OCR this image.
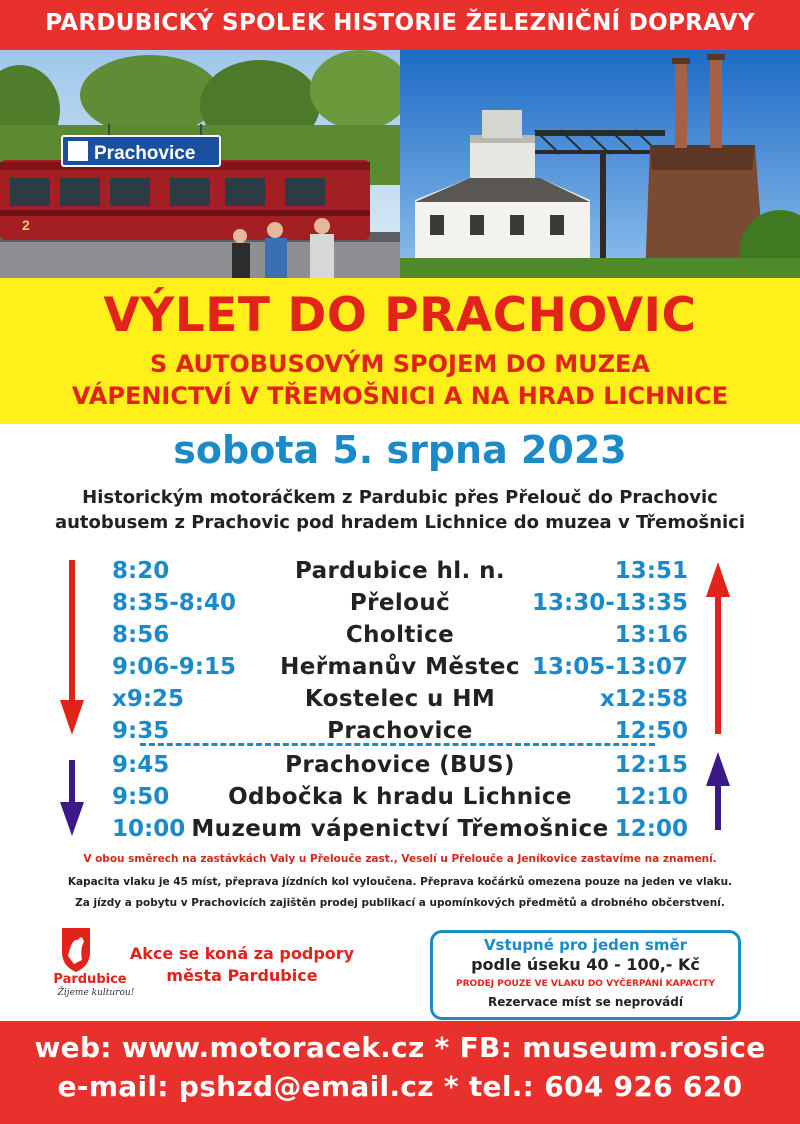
PARDUBICKÝ SPOLEK HISTORIE ŽELEZNIČNÍ DOPRAVY
2
Prachovice
VÝLET DO PRACHOVIC
S AUTOBUSOVÝM SPOJEM DO MUZEA
VÁPENICTVÍ V TŘEMOŠNICI A NA HRAD LICHNICE
sobota 5. srpna 2023
Historickým motoráčkem z Pardubic přes Přelouč do Prachovic
autobusem z Prachovic pod hradem Lichnice do muzea v Třemošnici
8:20	Pardubice hl. n.	13:51
8:35-8:40	Přelouč	13:30-13:35
8:56	Choltice	13:16
9:06-9:15	Heřmanův Městec 13:05-13:07
x9:25	Kostelec u HM	x12:58
9:35	Prachovice	12:50
9:45	Prachovice (BUS)	12:15
9:50	Odbočka k hradu Lichnice	12:10
10:00 Muzeum vápenictví Třemošnice 12:00
V obou směrech na zastávkách Valy u Přelouče zast., Veselí u Přelouče a Jeníkovice zastavíme na znamení.
Kapacita vlaku je 45 míst, přeprava jízdních kol vyloučena. Přeprava kočárků omezena pouze na jeden ve vlaku.
Za jízdy a pobytu v Prachovicích zajištěn prodej publikací a upomínkových předmětů a drobného občerstvení.
Pardubice
Žijeme kulturou!
Akce se koná za podpory
města Pardubice
Vstupné pro jeden směr
podle úseku 40 - 100,- Kč
PRODEJ POUZE VE VLAKU DO VYČERPÁNÍ KAPACITY
Rezervace míst se neprovádí
web: www.motoracek.cz * FB: museum.rosice
e-mail: pshzd@email.cz * tel.: 604 926 620
